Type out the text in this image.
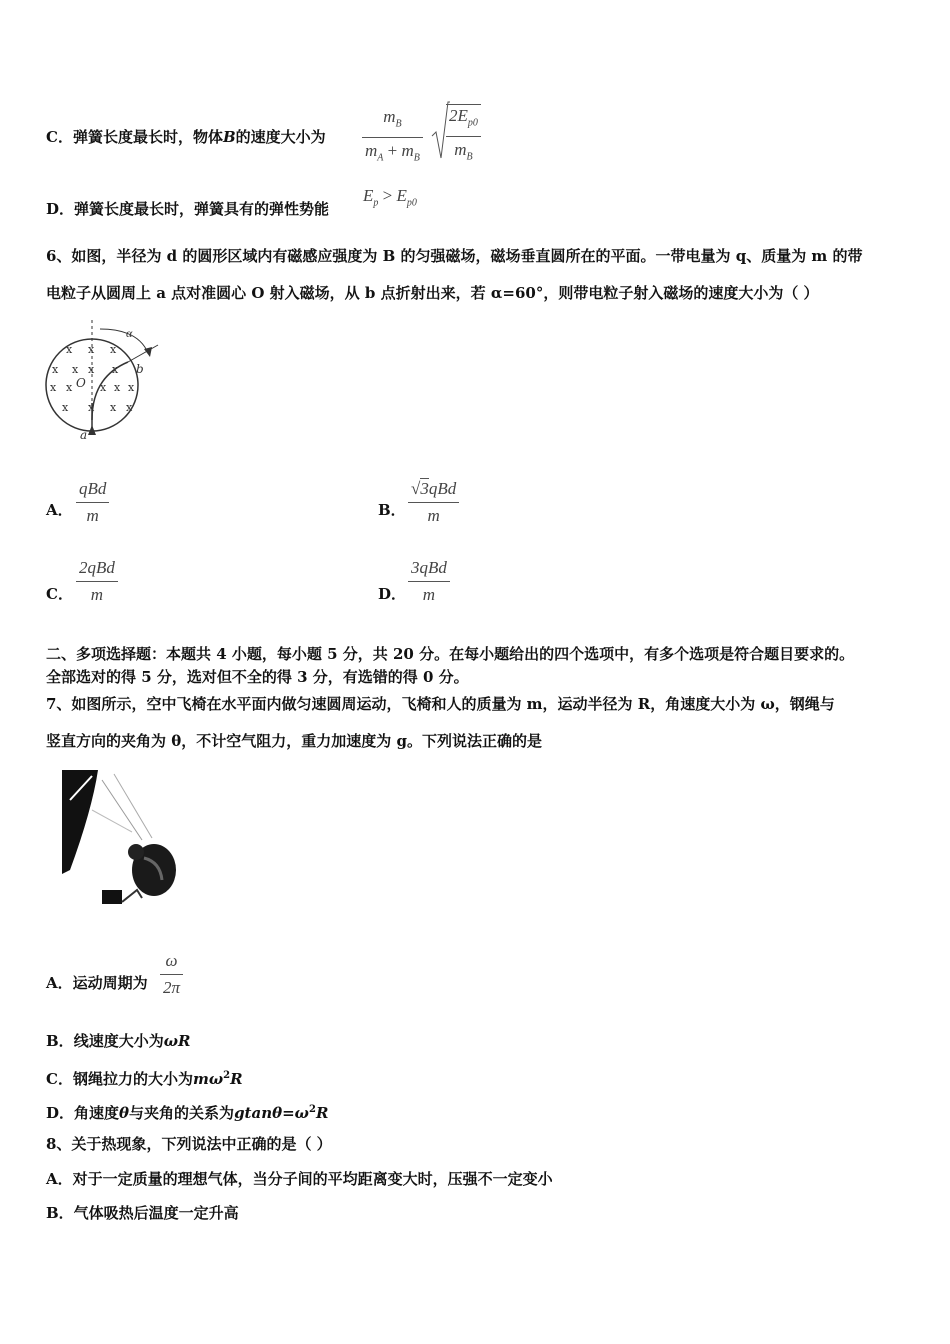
C．弹簧长度最长时，物体B的速度大小为 $\frac{m_B}{m_A + m_B} \frac{2E_{p0}}{m_B}$
D．弹簧长度最长时，弹簧具有的弹性势能
$E_p > E_{p0}$
6、如图，半径为 d 的圆形区域内有磁感应强度为 B 的匀强磁场，磁场垂直圆所在的平面。一带电量为 q、质量为 m 的带
电粒子从圆周上 a 点对准圆心 O 射入磁场，从 b 点折射出来，若 α=60°，则带电粒子射入磁场的速度大小为（ ）
α
b
O
a
x x x
x x x x
x x	x x x
x x x x
A．
qBd
m	B．
√3qBd
m
C．
2qBd
m	D．
3qBd
m
二、多项选择题：本题共 4 小题，每小题 5 分，共 20 分。在每小题给出的四个选项中，有多个选项是符合题目要求的。
全部选对的得 5 分，选对但不全的得 3 分，有选错的得 0 分。
7、如图所示，空中飞椅在水平面内做匀速圆周运动，飞椅和人的质量为 m，运动半径为 R，角速度大小为 ω，钢绳与
竖直方向的夹角为 θ，不计空气阻力，重力加速度为 g。下列说法正确的是
A．运动周期为 $\frac{\omega}{2\pi}$
B．线速度大小为ωR
C．钢绳拉力的大小为$m\omega^2R$
D．角速度θ与夹角的关系为$gtan\theta=\omega^2R$
8、关于热现象，下列说法中正确的是（ ）
A．对于一定质量的理想气体，当分子间的平均距离变大时，压强不一定变小
B．气体吸热后温度一定升高
